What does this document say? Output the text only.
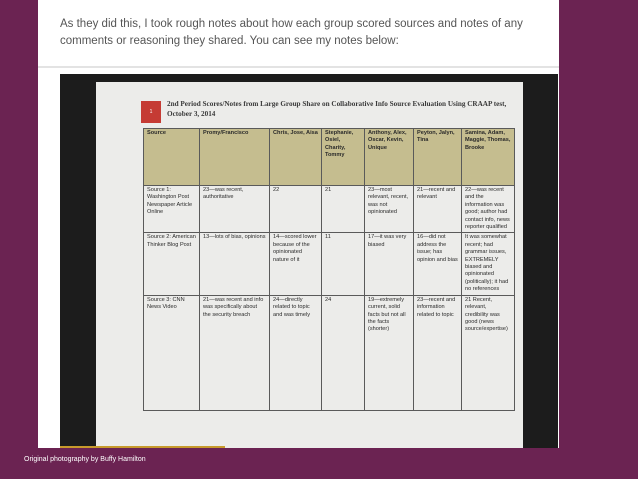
As they did this, I took rough notes about how each group scored sources and notes of any comments or reasoning they shared. You can see my notes below:

1
2nd Period Scores/Notes from Large Group Share on Collaborative Info Source Evaluation Using CRAAP test, October 3, 2014
Source	Promy/Francisco	Chris, Jose, Aisa	Stephanie, Osiel, Charity, Tommy	Anthony, Alex, Oscar, Kevin, Unique	Peyton, Jalyn, Tina	Samina, Adam, Maggie, Thomas, Brooke
Source 1: Washington Post Newspaper Article Online	23—was recent, authoritative	22	21	23—most relevant, recent, was not opinionated	21—recent and relevant	22—was recent and the information was good; author had contact info, news reporter qualified
Source 2: American Thinker Blog Post	13—lots of bias, opinions	14—scored lower because of the opinionated nature of it	11	17—it was very biased	16—did not address the issue; has opinion and bias	It was somewhat recent; had grammar issues, EXTREMELY biased and opinionated (politically); it had no references
Source 3: CNN News Video	21—was recent and info was specifically about the security breach	24—directly related to topic and was timely	24	19—extremely current, solid facts but not all the facts (shorter)	23—recent and information related to topic	21 Recent, relevant, credibility was good (news source/expertise)
Original photography by Buffy Hamilton
